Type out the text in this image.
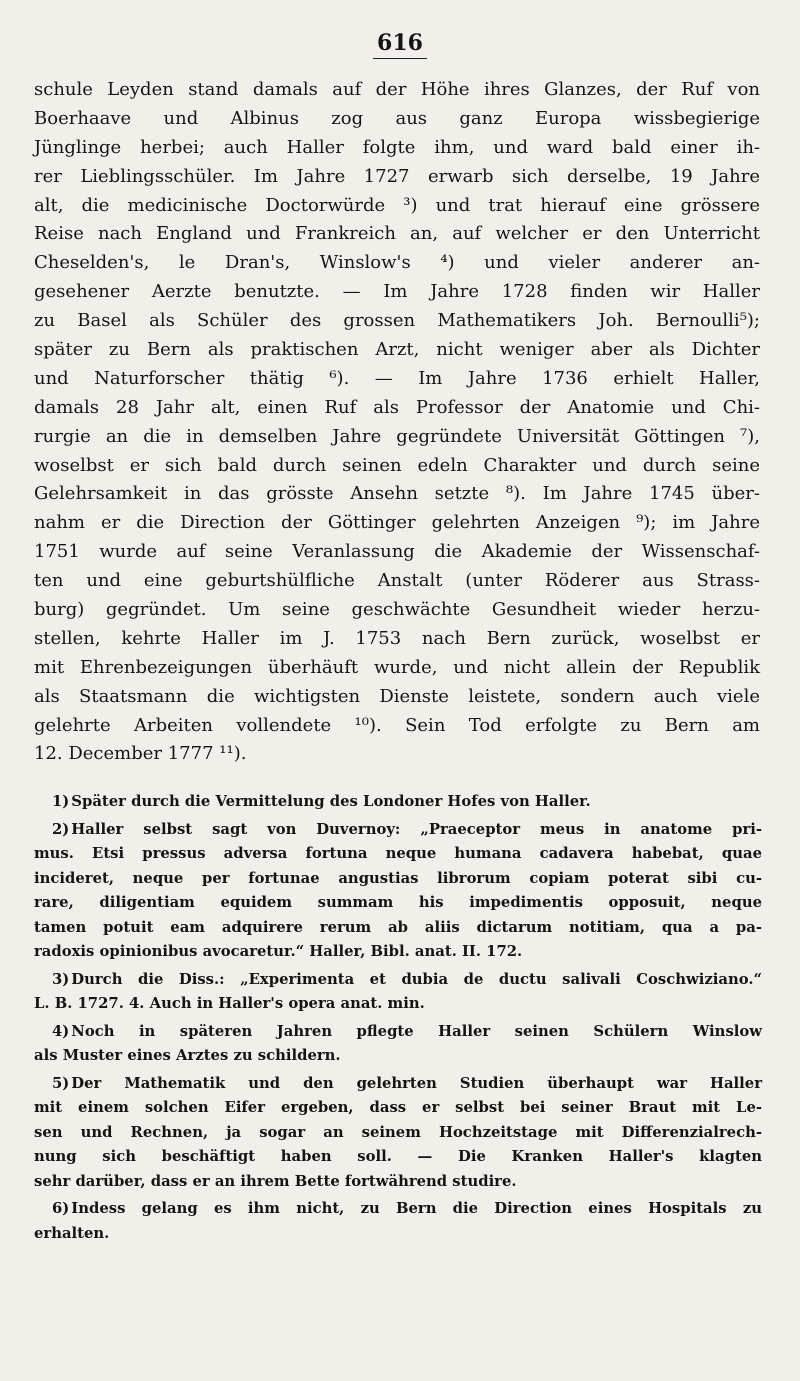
616
schule Leyden stand damals auf der Höhe ihres Glanzes, der Ruf von
Boerhaave und Albinus zog aus ganz Europa wissbegierige
Jünglinge herbei; auch Haller folgte ihm, und ward bald einer ih-
rer Lieblingsschüler. Im Jahre 1727 erwarb sich derselbe, 19 Jahre
alt, die medicinische Doctorwürde ³) und trat hierauf eine grössere
Reise nach England und Frankreich an, auf welcher er den Unterricht
Cheselden's, le Dran's, Winslow's ⁴) und vieler anderer an-
gesehener Aerzte benutzte. — Im Jahre 1728 finden wir Haller
zu Basel als Schüler des grossen Mathematikers Joh. Bernoulli⁵);
später zu Bern als praktischen Arzt, nicht weniger aber als Dichter
und Naturforscher thätig ⁶). — Im Jahre 1736 erhielt Haller,
damals 28 Jahr alt, einen Ruf als Professor der Anatomie und Chi-
rurgie an die in demselben Jahre gegründete Universität Göttingen ⁷),
woselbst er sich bald durch seinen edeln Charakter und durch seine
Gelehrsamkeit in das grösste Ansehn setzte ⁸). Im Jahre 1745 über-
nahm er die Direction der Göttinger gelehrten Anzeigen ⁹); im Jahre
1751 wurde auf seine Veranlassung die Akademie der Wissenschaf-
ten und eine geburtshülfliche Anstalt (unter Röderer aus Strass-
burg) gegründet. Um seine geschwächte Gesundheit wieder herzu-
stellen, kehrte Haller im J. 1753 nach Bern zurück, woselbst er
mit Ehrenbezeigungen überhäuft wurde, und nicht allein der Republik
als Staatsmann die wichtigsten Dienste leistete, sondern auch viele
gelehrte Arbeiten vollendete ¹⁰). Sein Tod erfolgte zu Bern am
12. December 1777 ¹¹).
1) Später durch die Vermittelung des Londoner Hofes von Haller.
2) Haller selbst sagt von Duvernoy: „Praeceptor meus in anatome pri-
mus. Etsi pressus adversa fortuna neque humana cadavera habebat, quae
incideret, neque per fortunae angustias librorum copiam poterat sibi cu-
rare, diligentiam equidem summam his impedimentis opposuit, neque
tamen potuit eam adquirere rerum ab aliis dictarum notitiam, qua a pa-
radoxis opinionibus avocaretur.“ Haller, Bibl. anat. II. 172.
3) Durch die Diss.: „Experimenta et dubia de ductu salivali Coschwiziano.“
L. B. 1727. 4. Auch in Haller's opera anat. min.
4) Noch in späteren Jahren pflegte Haller seinen Schülern Winslow
als Muster eines Arztes zu schildern.
5) Der Mathematik und den gelehrten Studien überhaupt war Haller
mit einem solchen Eifer ergeben, dass er selbst bei seiner Braut mit Le-
sen und Rechnen, ja sogar an seinem Hochzeitstage mit Differenzialrech-
nung sich beschäftigt haben soll. — Die Kranken Haller's klagten
sehr darüber, dass er an ihrem Bette fortwährend studire.
6) Indess gelang es ihm nicht, zu Bern die Direction eines Hospitals zu
erhalten.
